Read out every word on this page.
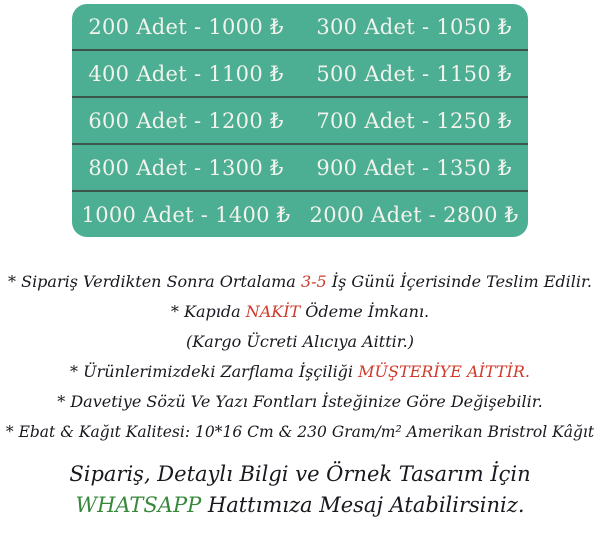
200 Adet - 1000 ₺	300 Adet - 1050 ₺
400 Adet - 1100 ₺	500 Adet - 1150 ₺
600 Adet - 1200 ₺	700 Adet - 1250 ₺
800 Adet - 1300 ₺	900 Adet - 1350 ₺
1000 Adet - 1400 ₺ 2000 Adet - 2800 ₺
* Sipariş Verdikten Sonra Ortalama 3-5 İş Günü İçerisinde Teslim Edilir.
* Kapıda NAKİT Ödeme İmkanı.
(Kargo Ücreti Alıcıya Aittir.)
* Ürünlerimizdeki Zarflama İşçiliği MÜŞTERİYE AİTTİR.
* Davetiye Sözü Ve Yazı Fontları İsteğinize Göre Değişebilir.
* Ebat & Kağıt Kalitesi: 10*16 Cm & 230 Gram/m² Amerikan Bristrol Kâğıt
Sipariş, Detaylı Bilgi ve Örnek Tasarım İçin
WHATSAPP Hattımıza Mesaj Atabilirsiniz.
